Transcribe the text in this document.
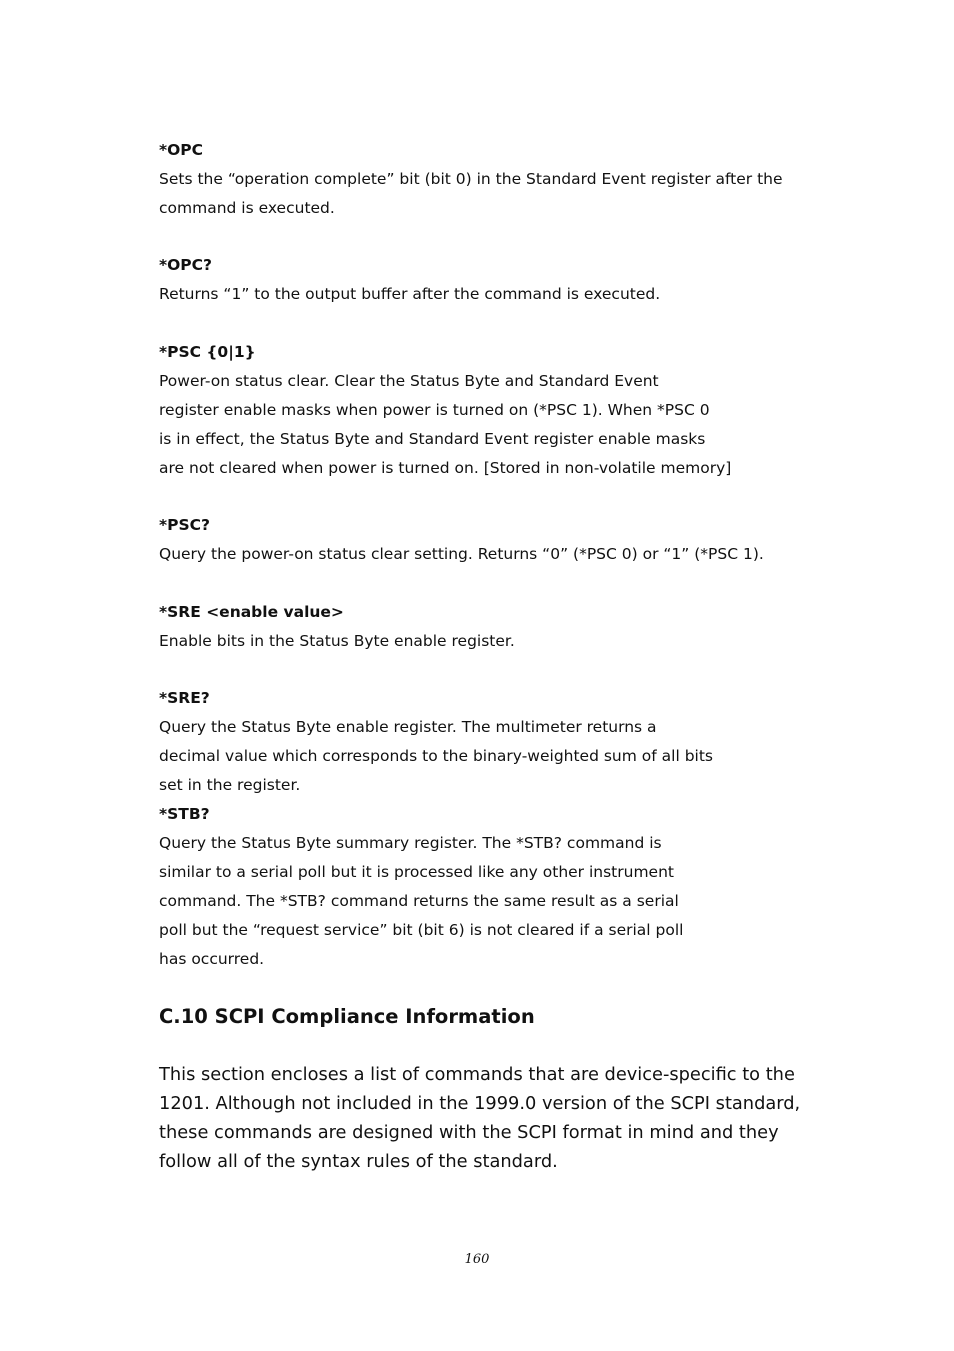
*OPC

Sets the “operation complete” bit (bit 0) in the Standard Event register after the
command is executed.

*OPC?

Returns “1” to the output buffer after the command is executed.

*PSC {0|1}

Power-on status clear. Clear the Status Byte and Standard Event
register enable masks when power is turned on (*PSC 1). When *PSC 0
is in effect, the Status Byte and Standard Event register enable masks
are not cleared when power is turned on. [Stored in non-volatile memory]

*PSC?

Query the power-on status clear setting. Returns “0” (*PSC 0) or “1” (*PSC 1).

*SRE <enable value>

Enable bits in the Status Byte enable register.

*SRE?

Query the Status Byte enable register. The multimeter returns a
decimal value which corresponds to the binary-weighted sum of all bits
set in the register.

*STB?

Query the Status Byte summary register. The *STB? command is
similar to a serial poll but it is processed like any other instrument
command. The *STB? command returns the same result as a serial
poll but the “request service” bit (bit 6) is not cleared if a serial poll
has occurred.

C.10 SCPI Compliance Information

This section encloses a list of commands that are device-specific to the
1201. Although not included in the 1999.0 version of the SCPI standard,
these commands are designed with the SCPI format in mind and they
follow all of the syntax rules of the standard.

160
